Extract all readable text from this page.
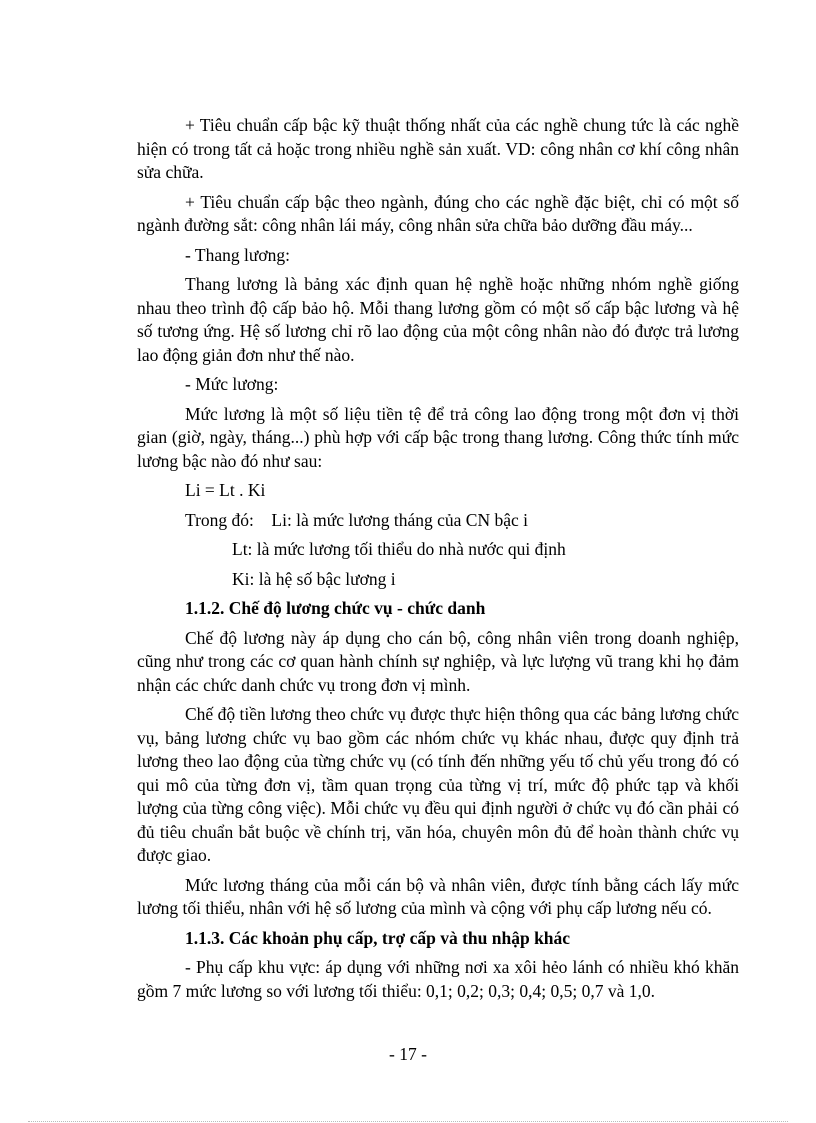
+ Tiêu chuẩn cấp bậc kỹ thuật thống nhất của các nghề chung tức là các nghề hiện có trong tất cả hoặc trong nhiều nghề sản xuất. VD: công nhân cơ khí công nhân sửa chữa.

+ Tiêu chuẩn cấp bậc theo ngành, đúng cho các nghề đặc biệt, chỉ có một số ngành đường sắt: công nhân lái máy, công nhân sửa chữa bảo dưỡng đầu máy...

- Thang lương:

Thang lương là bảng xác định quan hệ nghề hoặc những nhóm nghề giống nhau theo trình độ cấp bảo hộ. Mỗi thang lương gồm có một số cấp bậc lương và hệ số tương ứng. Hệ số lương chỉ rõ lao động của một công nhân nào đó được trả lương lao động giản đơn như thế nào.

- Mức lương:

Mức lương là một số liệu tiền tệ để trả công lao động trong một đơn vị thời gian (giờ, ngày, tháng...) phù hợp với cấp bậc trong thang lương. Công thức tính mức lương bậc nào đó như sau:

Li = Lt . Ki

Trong đó:    Li: là mức lương tháng của CN bậc i

Lt: là mức lương tối thiểu do nhà nước qui định

Ki: là hệ số bậc lương i

1.1.2. Chế độ lương chức vụ - chức danh

Chế độ lương này áp dụng cho cán bộ, công nhân viên trong doanh nghiệp, cũng như trong các cơ quan hành chính sự nghiệp, và lực lượng vũ trang khi họ đảm nhận các chức danh chức vụ trong đơn vị mình.

Chế độ tiền lương theo chức vụ được thực hiện thông qua các bảng lương chức vụ, bảng lương chức vụ bao gồm các nhóm chức vụ khác nhau, được quy định trả lương theo lao động của từng chức vụ (có tính đến những yếu tố chủ yếu trong đó có qui mô của từng đơn vị, tầm quan trọng của từng vị trí, mức độ phức tạp và khối lượng của từng công việc). Mỗi chức vụ đều qui định người ở chức vụ đó cần phải có đủ tiêu chuẩn bắt buộc về chính trị, văn hóa, chuyên môn đủ để hoàn thành chức vụ được giao.

Mức lương tháng của mỗi cán bộ và nhân viên, được tính bằng cách lấy mức lương tối thiểu, nhân với hệ số lương của mình và cộng với phụ cấp lương nếu có.

1.1.3. Các khoản phụ cấp, trợ cấp và thu nhập khác

- Phụ cấp khu vực: áp dụng với những nơi xa xôi hẻo lánh có nhiều khó khăn gồm 7 mức lương so với lương tối thiểu: 0,1; 0,2; 0,3; 0,4; 0,5; 0,7 và 1,0.

- 17 -
